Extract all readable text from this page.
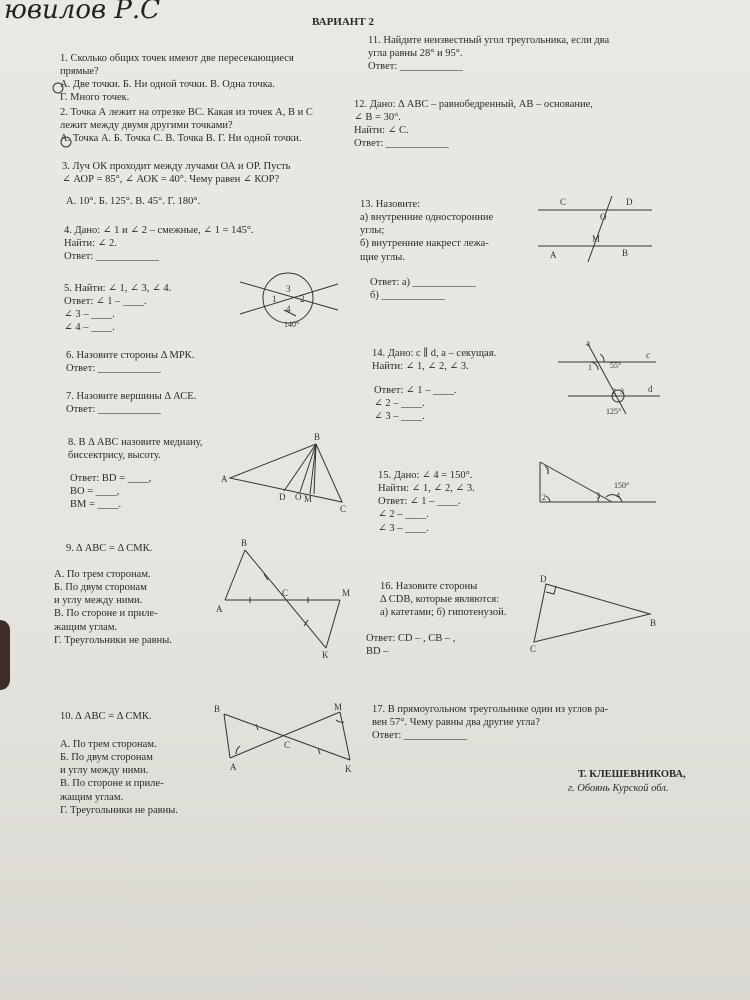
ювилов Р.С	ВАРИАНТ 2
1. Сколько общих точек имеют две пересекающиеся
прямые?
А. Две точки. Б. Ни одной точки. В. Одна точка.
Г. Много точек.
2. Точка А лежит на отрезке ВС. Какая из точек А, В и С
лежит между двумя другими точками?
А. Точка А. Б. Точка С. В. Точка В. Г. Ни одной точки.
3. Луч ОК проходит между лучами ОА и ОР. Пусть
∠ АОР = 85°, ∠ АОК = 40°. Чему равен ∠ КОР?
А. 10°. Б. 125°. В. 45°. Г. 180°.
4. Дано: ∠ 1 и ∠ 2 – смежные, ∠ 1 = 145°.
Найти: ∠ 2.
Ответ: ____________
5. Найти: ∠ 1, ∠ 3, ∠ 4.
Ответ: ∠ 1 – ____.
∠ 3 – ____.
∠ 4 – ____.
6. Назовите стороны Δ МРК.
Ответ: ____________
7. Назовите вершины Δ АСЕ.
Ответ: ____________
8. В Δ АВС назовите медиану,
биссектрису, высоту.
Ответ: BD = ____,
BO = ____,
BM = ____.
9. Δ АВС = Δ СМК.
А. По трем сторонам.
Б. По двум сторонам
и углу между ними.
В. По стороне и приле-
жащим углам.
Г. Треугольники не равны.
10. Δ АВС = Δ СМК.
А. По трем сторонам.
Б. По двум сторонам
и углу между ними.
В. По стороне и приле-
жащим углам.
Г. Треугольники не равны.
11. Найдите неизвестный угол треугольника, если два
угла равны 28° и 95°.
Ответ: ____________
12. Дано: Δ АВС – равнобедренный, АВ – основание,
∠ В = 30°.
Найти: ∠ С.
Ответ: ____________
13. Назовите:
а) внутренние односторонние
углы;
б) внутренние накрест лежа-
щие углы.
Ответ: а) ____________
б) ____________
14. Дано: с ∥ d, а – секущая.
Найти: ∠ 1, ∠ 2, ∠ 3.
Ответ: ∠ 1 – ____.
∠ 2 – ____.
∠ 3 – ____.
15. Дано: ∠ 4 = 150°.
Найти: ∠ 1, ∠ 2, ∠ 3.
Ответ: ∠ 1 – ____.
∠ 2 – ____.
∠ 3 – ____.
16. Назовите стороны
Δ CDB, которые являются:
а) катетами; б) гипотенузой.
Ответ: CD – , CB – ,
BD –
17. В прямоугольном треугольнике один из углов ра-
вен 57°. Чему равны два другие угла?
Ответ: ____________
Т. КЛЕШЕВНИКОВА,
г. Обоянь Курской обл.
3
1	2
4
140°
B
A
D O M
C
B
A
C	M
K
B	M
C
A	K
C	D
O
M
A	B
a
c
1 55°
2 3	d
125°
1
150°
2	3 4
D
B
C
